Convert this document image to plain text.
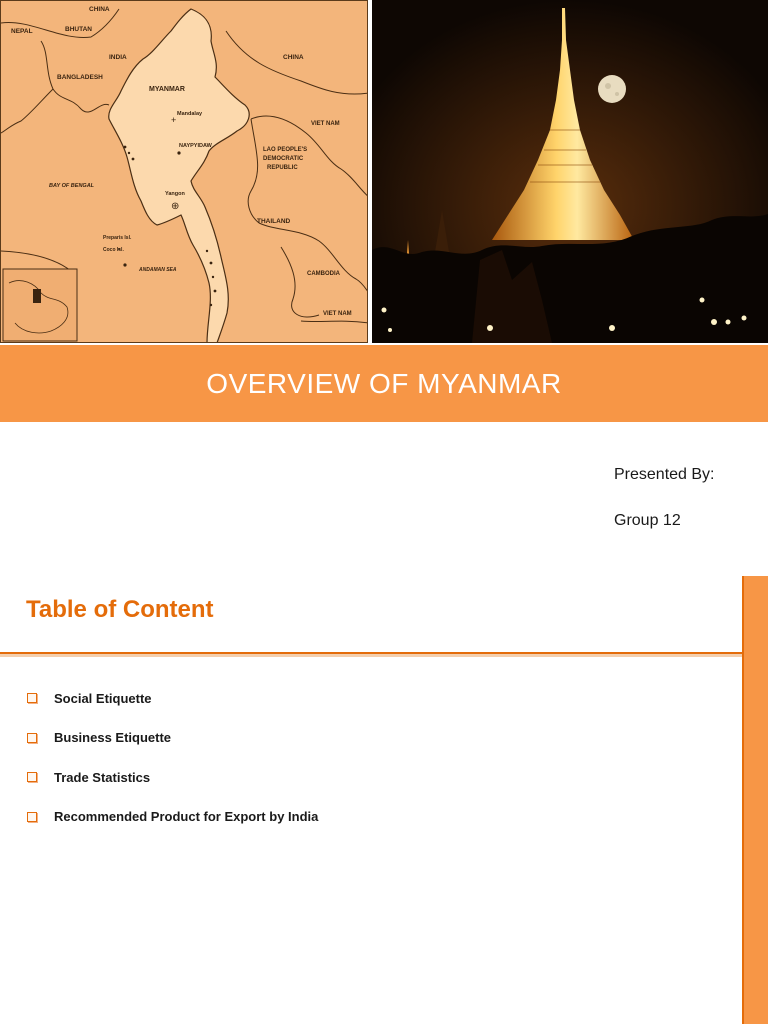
+
⊕
CHINA
NEPAL	BHUTAN
INDIA
BANGLADESH
MYANMAR
CHINA
Mandalay
NAYPYIDAW
VIET NAM
LAO PEOPLE'S
DEMOCRATIC
REPUBLIC
BAY OF BENGAL
Yangon
THAILAND
Preparis Isl.
Coco Isl.
ANDAMAN SEA
CAMBODIA
VIET NAM
OVERVIEW OF MYANMAR
Presented By:
Group 12
Table of Content
Social Etiquette
Business Etiquette
Trade Statistics
Recommended Product for Export by India
